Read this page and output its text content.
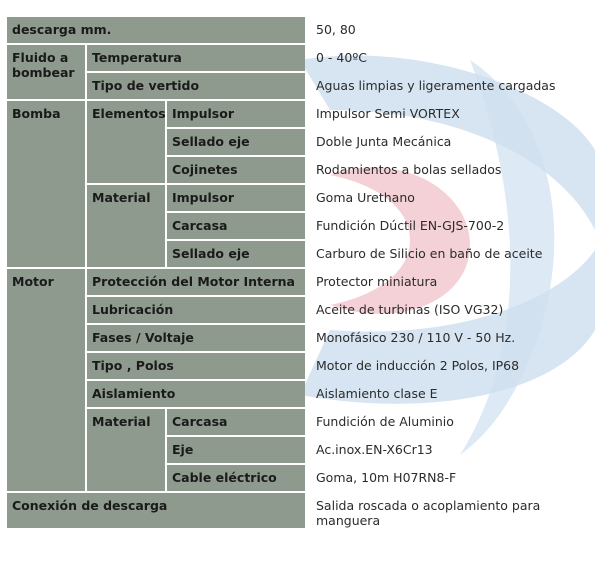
descarga mm.			50, 80
Fluido a bombear	Temperatura		0 - 40ºC
	Tipo de vertido		Aguas limpias y ligeramente cargadas
Bomba	Elementos	Impulsor	Impulsor Semi VORTEX
		Sellado eje	Doble Junta Mecánica
		Cojinetes	Rodamientos a bolas sellados
	Material	Impulsor	Goma Urethano
		Carcasa	Fundición Dúctil EN-GJS-700-2
		Sellado eje	Carburo de Silicio en baño de aceite
Motor	Protección del Motor Interna		Protector miniatura
	Lubricación		Aceite de turbinas (ISO VG32)
	Fases / Voltaje		Monofásico 230 / 110 V - 50 Hz.
	Tipo , Polos		Motor de inducción 2 Polos, IP68
	Aislamiento		Aislamiento clase E
	Material	Carcasa	Fundición de Aluminio
		Eje	Ac.inox.EN-X6Cr13
		Cable eléctrico	Goma, 10m H07RN8-F
Conexión de descarga			Salida roscada o acoplamiento para manguera
